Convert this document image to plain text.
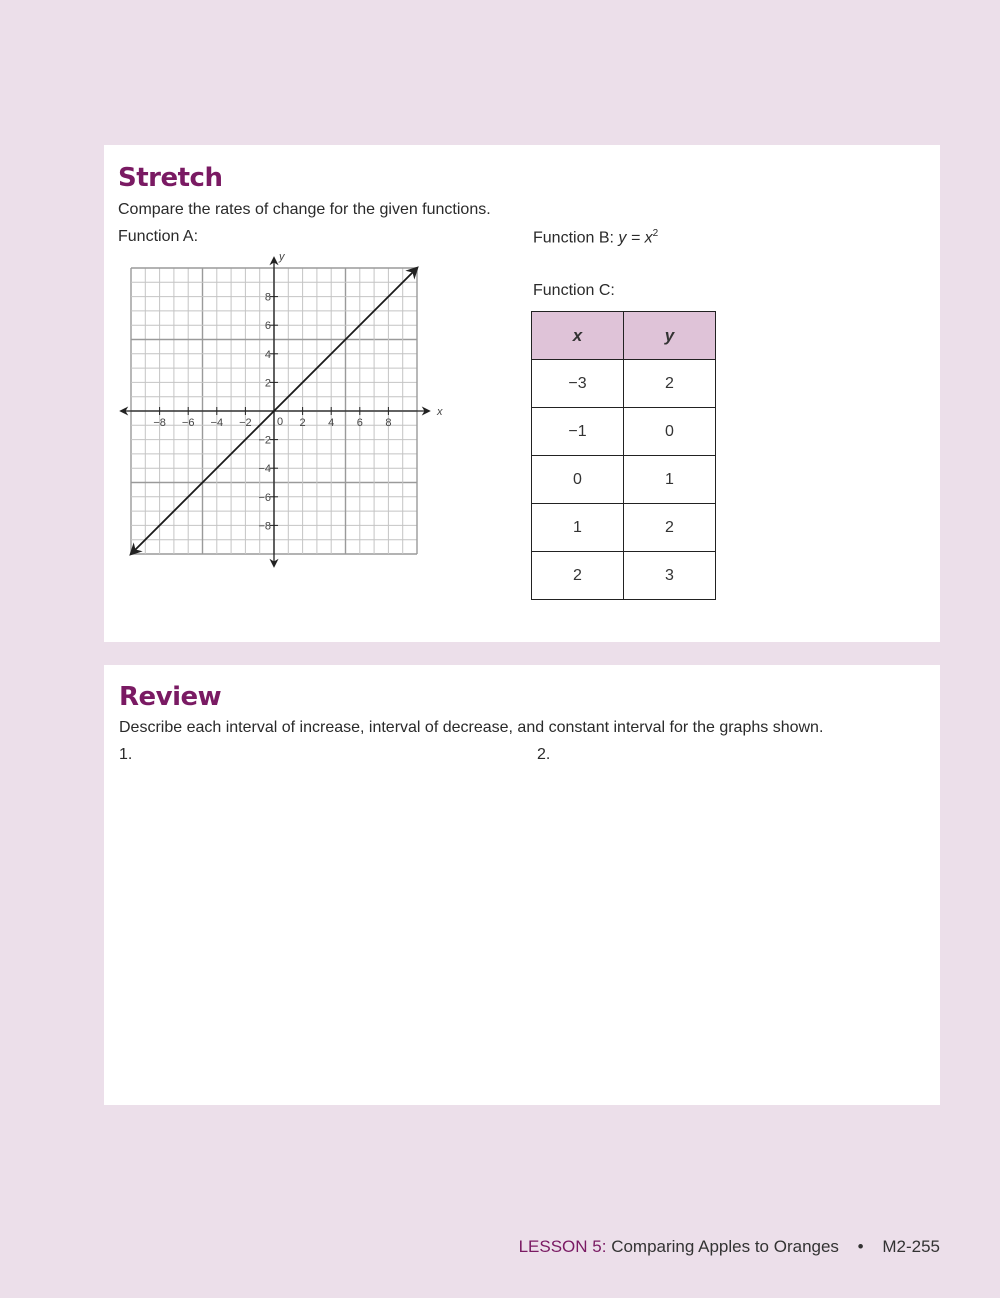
Stretch
Compare the rates of change for the given functions.
Function A:	Function B: $y = x^2$
Function C:
−8 −6 −4 −2	2 4 6 8
−8
−6
−4
−2
2
4
6
8
0
x
y
x	y
−3	2
−1	0
0	1
1	2
2	3
Review
Describe each interval of increase, interval of decrease, and constant interval for the graphs shown.
1.	2.
LESSON 5: Comparing Apples to Oranges • M2-255
